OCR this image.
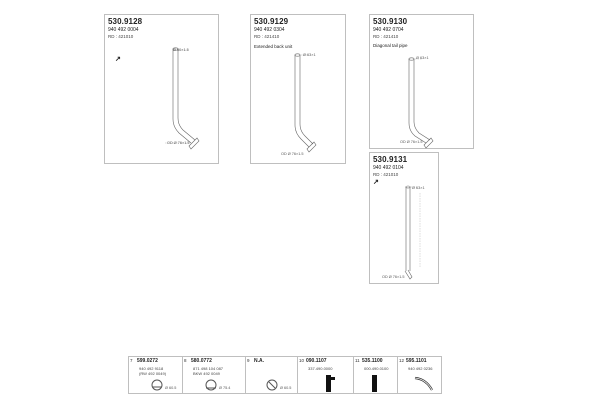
530.9128
940 492 0004
RD : 421010
↗
Ø 60×1.5
OD Ø 76×1.5
530.9129
940 492 0304
RD : 421410
Extended back unit
Ø 63×1
OD Ø 76×1.5
530.9130
940 492 0704
RD : 421410
Diagonal tail pipe
Ø 63×1
OD Ø 76×1.5
530.9131
940 492 0104
RD : 421010
↗
Ø 63×1
OD Ø 76×1.5
7 599.0272
940 492 9118
(RW 492 0049)
Ø 60.5
8 580.0772
871 498 104 087
BKW 492 0049
Ø 75.4
9 N.A.
Ø 60.5
10 090.1107
337.490.0000
11 535.1100
000.490.0100
12 595.1101
940 492 0236
